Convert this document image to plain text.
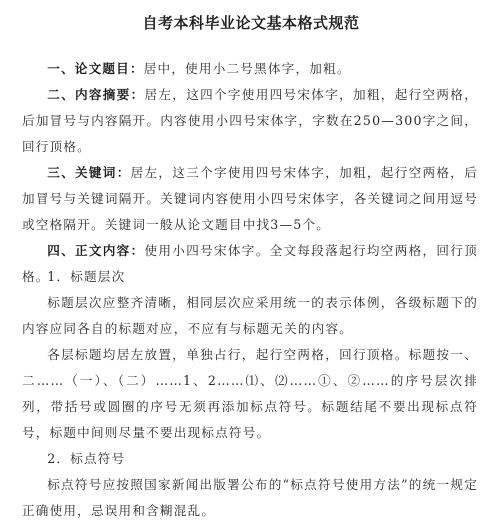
自考本科毕业论文基本格式规范

一、论文题目：居中，使用小二号黑体字，加粗。

二、内容摘要：居左，这四个字使用四号宋体字，加粗，起行空两格，后加冒号与内容隔开。内容使用小四号宋体字，字数在250—300字之间，回行顶格。

三、关键词：居左，这三个字使用四号宋体字，加粗，起行空两格，后加冒号与关键词隔开。关键词内容使用小四号宋体字，各关键词之间用逗号或空格隔开。关键词一般从论文题目中找3—5个。

四、正文内容：使用小四号宋体字。全文每段落起行均空两格，回行顶格。

1．标题层次

标题层次应整齐清晰，相同层次应采用统一的表示体例，各级标题下的内容应同各自的标题对应，不应有与标题无关的内容。

各层标题均居左放置，单独占行，起行空两格，回行顶格。标题按一、二……（一）、（二）……1、2……⑴、⑵……①、②……的序号层次排列，带括号或圆圈的序号无须再添加标点符号。标题结尾不要出现标点符号，标题中间则尽量不要出现标点符号。

2．标点符号

标点符号应按照国家新闻出版署公布的“标点符号使用方法”的统一规定正确使用，忌误用和含糊混乱。
